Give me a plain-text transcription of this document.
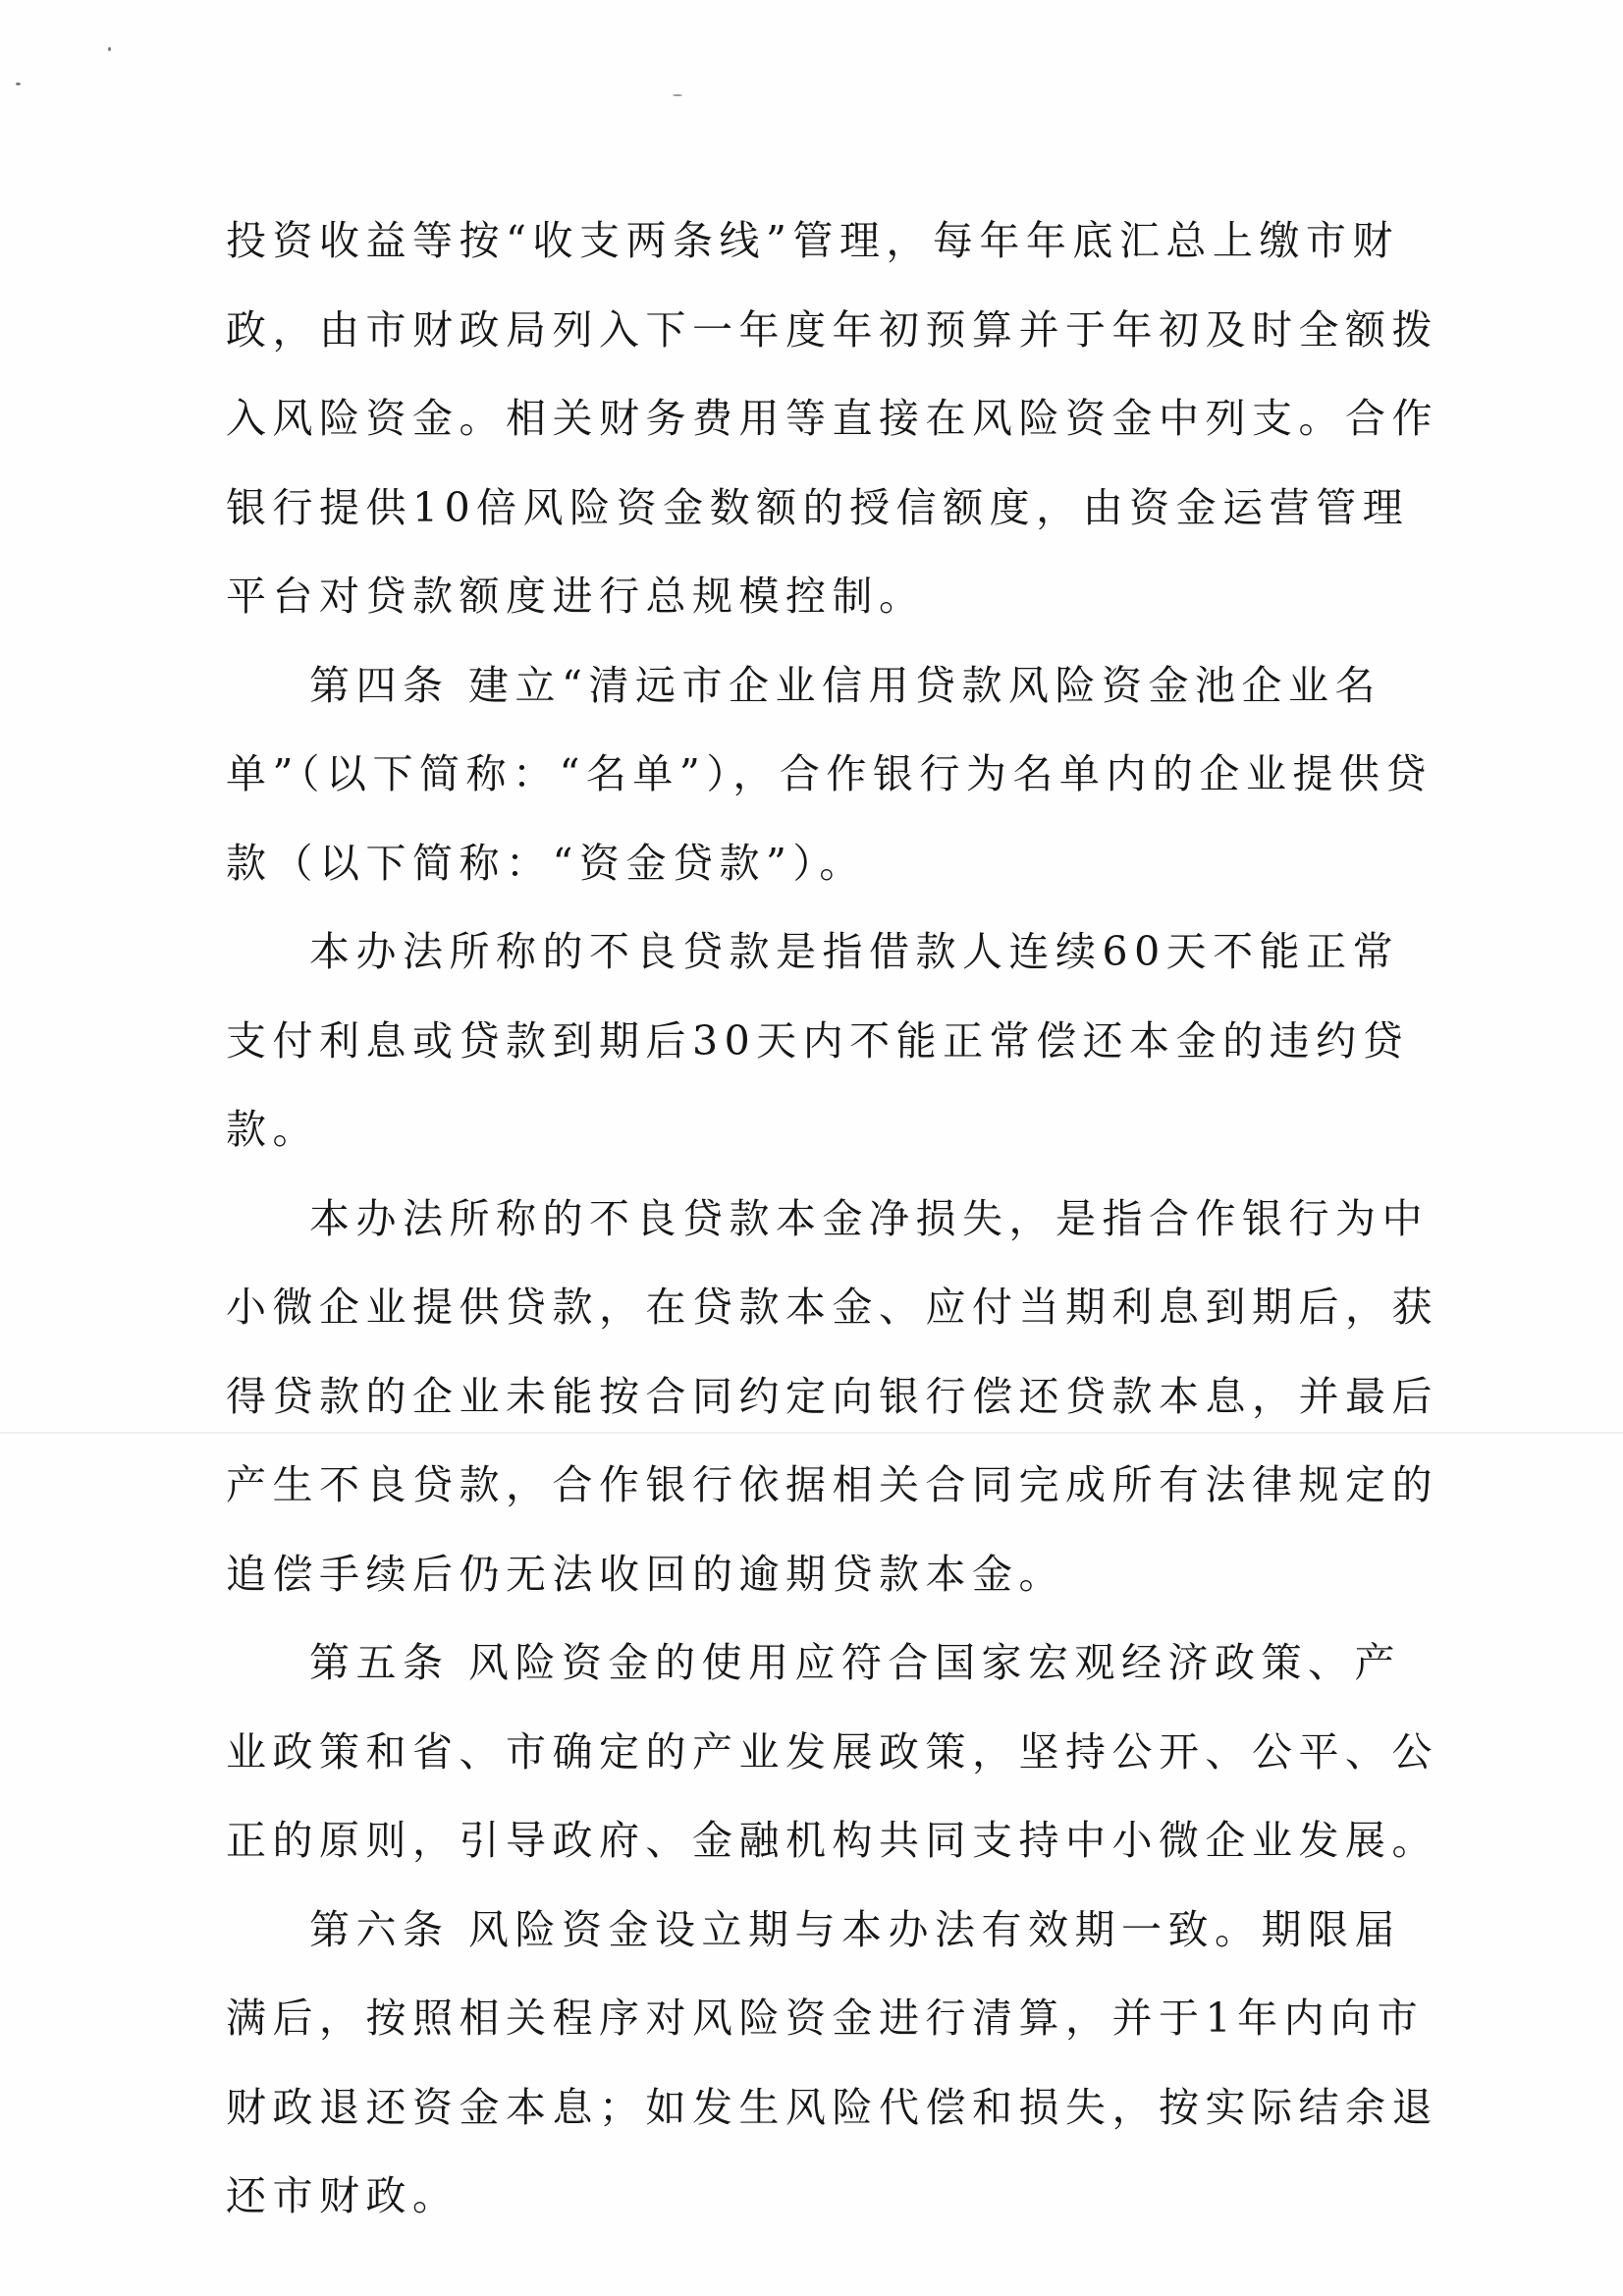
投资收益等按“收支两条线”管理，每年年底汇总上缴市财
政，由市财政局列入下一年度年初预算并于年初及时全额拨
入风险资金。相关财务费用等直接在风险资金中列支。合作
银行提供10倍风险资金数额的授信额度，由资金运营管理
平台对贷款额度进行总规模控制。
第四条 建立“清远市企业信用贷款风险资金池企业名
单”（以下简称：“名单”），合作银行为名单内的企业提供贷
款（以下简称：“资金贷款”）。
本办法所称的不良贷款是指借款人连续60天不能正常
支付利息或贷款到期后30天内不能正常偿还本金的违约贷
款。
本办法所称的不良贷款本金净损失，是指合作银行为中
小微企业提供贷款，在贷款本金、应付当期利息到期后，获
得贷款的企业未能按合同约定向银行偿还贷款本息，并最后
产生不良贷款，合作银行依据相关合同完成所有法律规定的
追偿手续后仍无法收回的逾期贷款本金。
第五条 风险资金的使用应符合国家宏观经济政策、产
业政策和省、市确定的产业发展政策，坚持公开、公平、公
正的原则，引导政府、金融机构共同支持中小微企业发展。
第六条 风险资金设立期与本办法有效期一致。期限届
满后，按照相关程序对风险资金进行清算，并于1年内向市
财政退还资金本息；如发生风险代偿和损失，按实际结余退
还市财政。
